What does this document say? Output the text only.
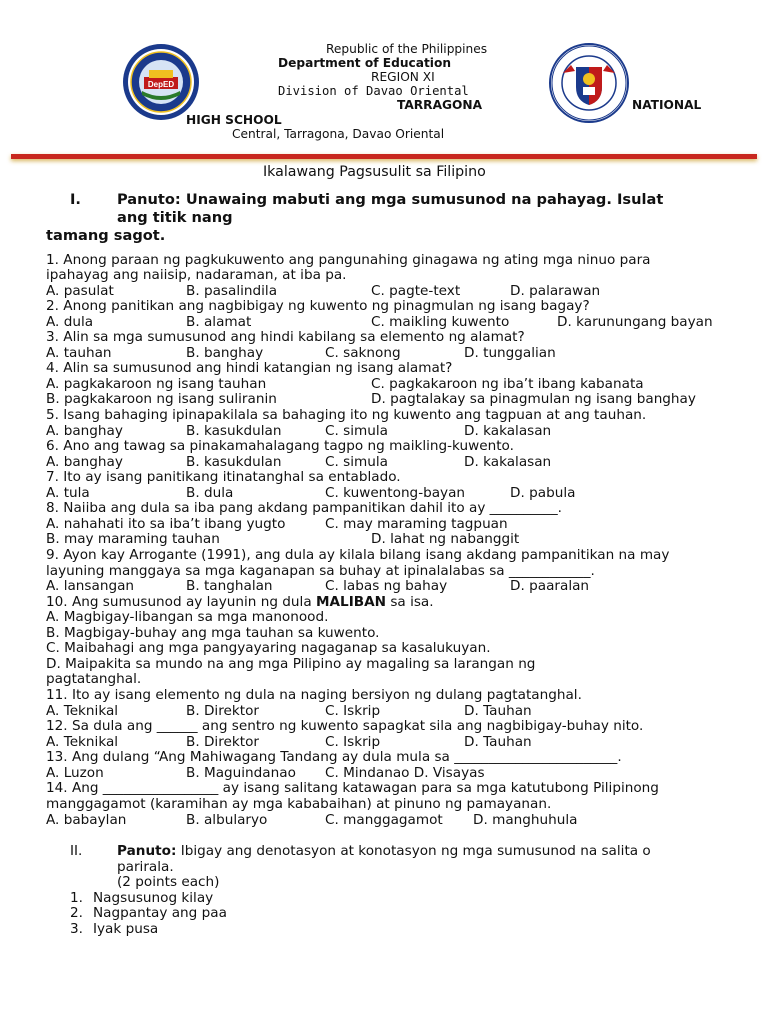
DepED
Republic of the Philippines
Department of Education
REGION XI
Division of Davao Oriental
TARRAGONA	NATIONAL
HIGH SCHOOL
Central, Tarragona, Davao Oriental
Ikalawang Pagsusulit sa Filipino
I. Panuto: Unawaing mabuti ang mga sumusunod na pahayag. Isulat
ang titik nang
tamang sagot.
1. Anong paraan ng pagkukuwento ang pangunahing ginagawa ng ating mga ninuo para
ipahayag ang naiisip, nadaraman, at iba pa.
A. pasulat	B. pasalindila	C. pagte-text	D. palarawan
2. Anong panitikan ang nagbibigay ng kuwento ng pinagmulan ng isang bagay?
A. dula	B. alamat	C. maikling kuwento	D. karunungang bayan
3. Alin sa mga sumusunod ang hindi kabilang sa elemento ng alamat?
A. tauhan	B. banghay	C. saknong	D. tunggalian
4. Alin sa sumusunod ang hindi katangian ng isang alamat?
A. pagkakaroon ng isang tauhan	C. pagkakaroon ng iba’t ibang kabanata
B. pagkakaroon ng isang suliranin	D. pagtalakay sa pinagmulan ng isang banghay
5. Isang bahaging ipinapakilala sa bahaging ito ng kuwento ang tagpuan at ang tauhan.
A. banghay	B. kasukdulan	C. simula	D. kakalasan
6. Ano ang tawag sa pinakamahalagang tagpo ng maikling-kuwento.
A. banghay	B. kasukdulan	C. simula	D. kakalasan
7. Ito ay isang panitikang itinatanghal sa entablado.
A. tula	B. dula	C. kuwentong-bayan	D. pabula
8. Naiiba ang dula sa iba pang akdang pampanitikan dahil ito ay __________.
A. nahahati ito sa iba’t ibang yugto	C. may maraming tagpuan
B. may maraming tauhan	D. lahat ng nabanggit
9. Ayon kay Arrogante (1991), ang dula ay kilala bilang isang akdang pampanitikan na may
layuning manggaya sa mga kaganapan sa buhay at ipinalalabas sa ____________.
A. lansangan	B. tanghalan	C. labas ng bahay	D. paaralan
10. Ang sumusunod ay layunin ng dula MALIBAN sa isa.
A. Magbigay-libangan sa mga manonood.
B. Magbigay-buhay ang mga tauhan sa kuwento.
C. Maibahagi ang mga pangyayaring nagaganap sa kasalukuyan.
D. Maipakita sa mundo na ang mga Pilipino ay magaling sa larangan ng
pagtatanghal.
11. Ito ay isang elemento ng dula na naging bersiyon ng dulang pagtatanghal.
A. Teknikal	B. Direktor	C. Iskrip	D. Tauhan
12. Sa dula ang ______ ang sentro ng kuwento sapagkat sila ang nagbibigay-buhay nito.
A. Teknikal	B. Direktor	C. Iskrip	D. Tauhan
13. Ang dulang “Ang Mahiwagang Tandang ay dula mula sa ________________________.
A. Luzon	B. Maguindanao C. Mindanao D. Visayas
14. Ang _________________ ay isang salitang katawagan para sa mga katutubong Pilipinong
manggagamot (karamihan ay mga kababaihan) at pinuno ng pamayanan.
A. babaylan	B. albularyo	C. manggagamot D. manghuhula
II.	Panuto: Ibigay ang denotasyon at konotasyon ng mga sumusunod na salita o
parirala.
(2 points each)
1. Nagsusunog kilay
2. Nagpantay ang paa
3. Iyak pusa
